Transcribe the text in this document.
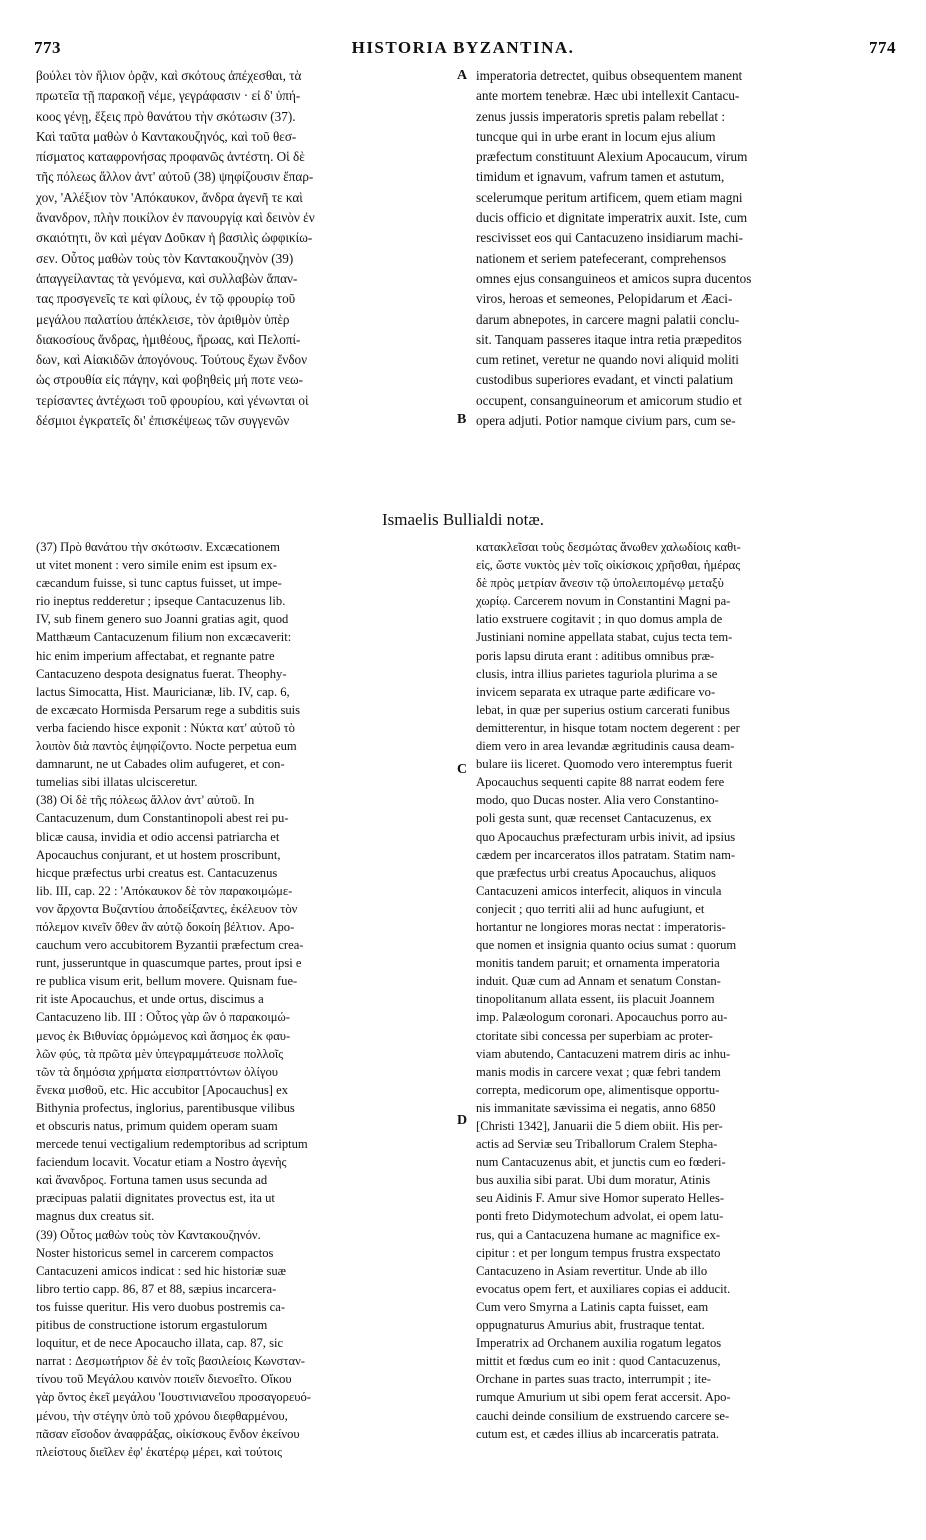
773	HISTORIA BYZANTINA.	774
βούλει τὸν ἥλιον ὁρᾷν, καὶ σκότους ἀπέχεσθαι, τὰ
πρωτεῖα τῇ παρακοῇ νέμε, γεγράφασιν · εἰ δ' ὑπή-
κοος γένῃ, ἕξεις πρὸ θανάτου τὴν σκότωσιν (37).
Καὶ ταῦτα μαθὼν ὁ Καντακουζηνός, καὶ τοῦ θεσ-
πίσματος καταφρονήσας προφανῶς ἀντέστη. Οἱ δὲ
τῆς πόλεως ἄλλον ἀντ' αὐτοῦ (38) ψηφίζουσιν ἔπαρ-
χον, 'Αλέξιον τὸν 'Απόκαυκον, ἄνδρα ἀγενῆ τε καὶ
ἄνανδρον, πλὴν ποικίλον ἐν πανουργίᾳ καὶ δεινὸν ἐν
σκαιότητι, ὃν καὶ μέγαν Δοῦκαν ἡ βασιλὶς ὠφφικίω-
σεν. Οὗτος μαθὼν τοὺς τὸν Καντακουζηνὸν (39)
ἀπαγγείλαντας τὰ γενόμενα, καὶ συλλαβὼν ἅπαν-
τας προσγενεῖς τε καὶ φίλους, ἐν τῷ φρουρίῳ τοῦ
μεγάλου παλατίου ἀπέκλεισε, τὸν ἀριθμὸν ὑπὲρ
διακοσίους ἄνδρας, ἡμιθέους, ἥρωας, καὶ Πελοπί-
δων, καὶ Αἰακιδῶν ἀπογόνους. Τούτους ἔχων ἔνδον
ὡς στρουθία εἰς πάγην, καὶ φοβηθεὶς μή ποτε νεω-
τερίσαντες ἀντέχωσι τοῦ φρουρίου, καὶ γένωνται οἱ
δέσμιοι ἐγκρατεῖς δι' ἐπισκέψεως τῶν συγγενῶν
imperatoria detrectet, quibus obsequentem manent
ante mortem tenebræ. Hæc ubi intellexit Cantacu-
zenus jussis imperatoris spretis palam rebellat :
tuncque qui in urbe erant in locum ejus alium
præfectum constituunt Alexium Apocaucum, virum
timidum et ignavum, vafrum tamen et astutum,
scelerumque peritum artificem, quem etiam magni
ducis officio et dignitate imperatrix auxit. Iste, cum
rescivisset eos qui Cantacuzeno insidiarum machi-
nationem et seriem patefecerant, comprehensos
omnes ejus consanguineos et amicos supra ducentos
viros, heroas et semeones, Pelopidarum et Æaci-
darum abnepotes, in carcere magni palatii conclu-
sit. Tanquam passeres itaque intra retia præpeditos
cum retinet, veretur ne quando novi aliquid moliti
custodibus superiores evadant, et vincti palatium
occupent, consanguineorum et amicorum studio et
opera adjuti. Potior namque civium pars, cum se-
A
B
C
D
Ismaelis Bullialdi notæ.
(37) Πρὸ θανάτου τὴν σκότωσιν. Excæcationem
ut vitet monent : vero simile enim est ipsum ex-
cæcandum fuisse, si tunc captus fuisset, ut impe-
rio ineptus redderetur ; ipseque Cantacuzenus lib.
IV, sub finem genero suo Joanni gratias agit, quod
Matthæum Cantacuzenum filium non excæcaverit:
hic enim imperium affectabat, et regnante patre
Cantacuzeno despota designatus fuerat. Theophy-
lactus Simocatta, Hist. Mauricianæ, lib. IV, cap. 6,
de excæcato Hormisda Persarum rege a subditis suis
verba faciendo hisce exponit : Νύκτα κατ' αὐτοῦ τὸ
λοιπὸν διὰ παντὸς ἐψηφίζοντο. Nocte perpetua eum
damnarunt, ne ut Cabades olim aufugeret, et con-
tumelias sibi illatas ulcisceretur.
(38) Οἱ δὲ τῆς πόλεως ἄλλον ἀντ' αὐτοῦ. In
Cantacuzenum, dum Constantinopoli abest rei pu-
blicæ causa, invidia et odio accensi patriarcha et
Apocauchus conjurant, et ut hostem proscribunt,
hicque præfectus urbi creatus est. Cantacuzenus
lib. III, cap. 22 : 'Απόκαυκον δὲ τὸν παρακοιμώμε-
νον ἄρχοντα Βυζαντίου ἀποδείξαντες, ἐκέλευον τὸν
πόλεμον κινεῖν ὅθεν ἂν αὐτῷ δοκοίη βέλτιον. Apo-
cauchum vero accubitorem Byzantii præfectum crea-
runt, jusseruntque in quascumque partes, prout ipsi e
re publica visum erit, bellum movere. Quisnam fue-
rit iste Apocauchus, et unde ortus, discimus a
Cantacuzeno lib. III : Οὗτος γὰρ ὢν ὁ παρακοιμώ-
μενος ἐκ Βιθυνίας ὁρμώμενος καὶ ἄσημος ἐκ φαυ-
λῶν φύς, τὰ πρῶτα μὲν ὑπεγραμμάτευσε πολλοῖς
τῶν τὰ δημόσια χρήματα εἰσπραττόντων ὀλίγου
ἕνεκα μισθοῦ, etc. Hic accubitor [Apocauchus] ex
Bithynia profectus, inglorius, parentibusque vilibus
et obscuris natus, primum quidem operam suam
mercede tenui vectigalium redemptoribus ad scriptum
faciendum locavit. Vocatur etiam a Nostro ἀγενὴς
καὶ ἄνανδρος. Fortuna tamen usus secunda ad
præcipuas palatii dignitates provectus est, ita ut
magnus dux creatus sit.
(39) Οὗτος μαθὼν τοὺς τὸν Καντακουζηνόν.
Noster historicus semel in carcerem compactos
Cantacuzeni amicos indicat : sed hic historiæ suæ
libro tertio capp. 86, 87 et 88, sæpius incarcera-
tos fuisse queritur. His vero duobus postremis ca-
pitibus de constructione istorum ergastulorum
loquitur, et de nece Apocaucho illata, cap. 87, sic
narrat : Δεσμωτήριον δὲ ἐν τοῖς βασιλείοις Κωνσταν-
τίνου τοῦ Μεγάλου καινὸν ποιεῖν διενοεῖτο. Οἴκου
γὰρ ὄντος ἐκεῖ μεγάλου 'Ιουστινιανεῖου προσαγορευό-
μένου, τὴν στέγην ὑπὸ τοῦ χρόνου διεφθαρμένου,
πᾶσαν εἴσοδον ἀναφράξας, οἰκίσκους ἔνδον ἐκείνου
πλείστους διεῖλεν ἐφ' ἑκατέρῳ μέρει, καὶ τούτοις
κατακλεῖσαι τοὺς δεσμώτας ἄνωθεν χαλωδίοις καθι-
εἰς, ὥστε νυκτὸς μὲν τοῖς οἰκίσκοις χρῆσθαι, ἡμέρας
δὲ πρὸς μετρίαν ἄνεσιν τῷ ὑπολειπομένῳ μεταξὺ
χωρίῳ. Carcerem novum in Constantini Magni pa-
latio exstruere cogitavit ; in quo domus ampla de
Justiniani nomine appellata stabat, cujus tecta tem-
poris lapsu diruta erant : aditibus omnibus præ-
clusis, intra illius parietes taguriola plurima a se
invicem separata ex utraque parte ædificare vo-
lebat, in quæ per superius ostium carcerati funibus
demitterentur, in hisque totam noctem degerent : per
diem vero in area levandæ ægritudinis causa deam-
bulare iis liceret. Quomodo vero interemptus fuerit
Apocauchus sequenti capite 88 narrat eodem fere
modo, quo Ducas noster. Alia vero Constantino-
poli gesta sunt, quæ recenset Cantacuzenus, ex
quo Apocauchus præfecturam urbis inivit, ad ipsius
cædem per incarceratos illos patratam. Statim nam-
que præfectus urbi creatus Apocauchus, aliquos
Cantacuzeni amicos interfecit, aliquos in vincula
conjecit ; quo territi alii ad hunc aufugiunt, et
hortantur ne longiores moras nectat : imperatoris-
que nomen et insignia quanto ocius sumat : quorum
monitis tandem paruit; et ornamenta imperatoria
induit. Quæ cum ad Annam et senatum Constan-
tinopolitanum allata essent, iis placuit Joannem
imp. Palæologum coronari. Apocauchus porro au-
ctoritate sibi concessa per superbiam ac proter-
viam abutendo, Cantacuzeni matrem diris ac inhu-
manis modis in carcere vexat ; quæ febri tandem
correpta, medicorum ope, alimentisque opportu-
nis immanitate sævissima ei negatis, anno 6850
[Christi 1342], Januarii die 5 diem obiit. His per-
actis ad Serviæ seu Triballorum Cralem Stepha-
num Cantacuzenus abit, et junctis cum eo fœderi-
bus auxilia sibi parat. Ubi dum moratur, Atinis
seu Aidinis F. Amur sive Homor superato Helles-
ponti freto Didymotechum advolat, ei opem latu-
rus, qui a Cantacuzena humane ac magnifice ex-
cipitur : et per longum tempus frustra exspectato
Cantacuzeno in Asiam revertitur. Unde ab illo
evocatus opem fert, et auxiliares copias ei adducit.
Cum vero Smyrna a Latinis capta fuisset, eam
oppugnaturus Amurius abit, frustraque tentat.
Imperatrix ad Orchanem auxilia rogatum legatos
mittit et fœdus cum eo init : quod Cantacuzenus,
Orchane in partes suas tracto, interrumpit ; ite-
rumque Amurium ut sibi opem ferat accersit. Apo-
cauchi deinde consilium de exstruendo carcere se-
cutum est, et cædes illius ab incarceratis patrata.
